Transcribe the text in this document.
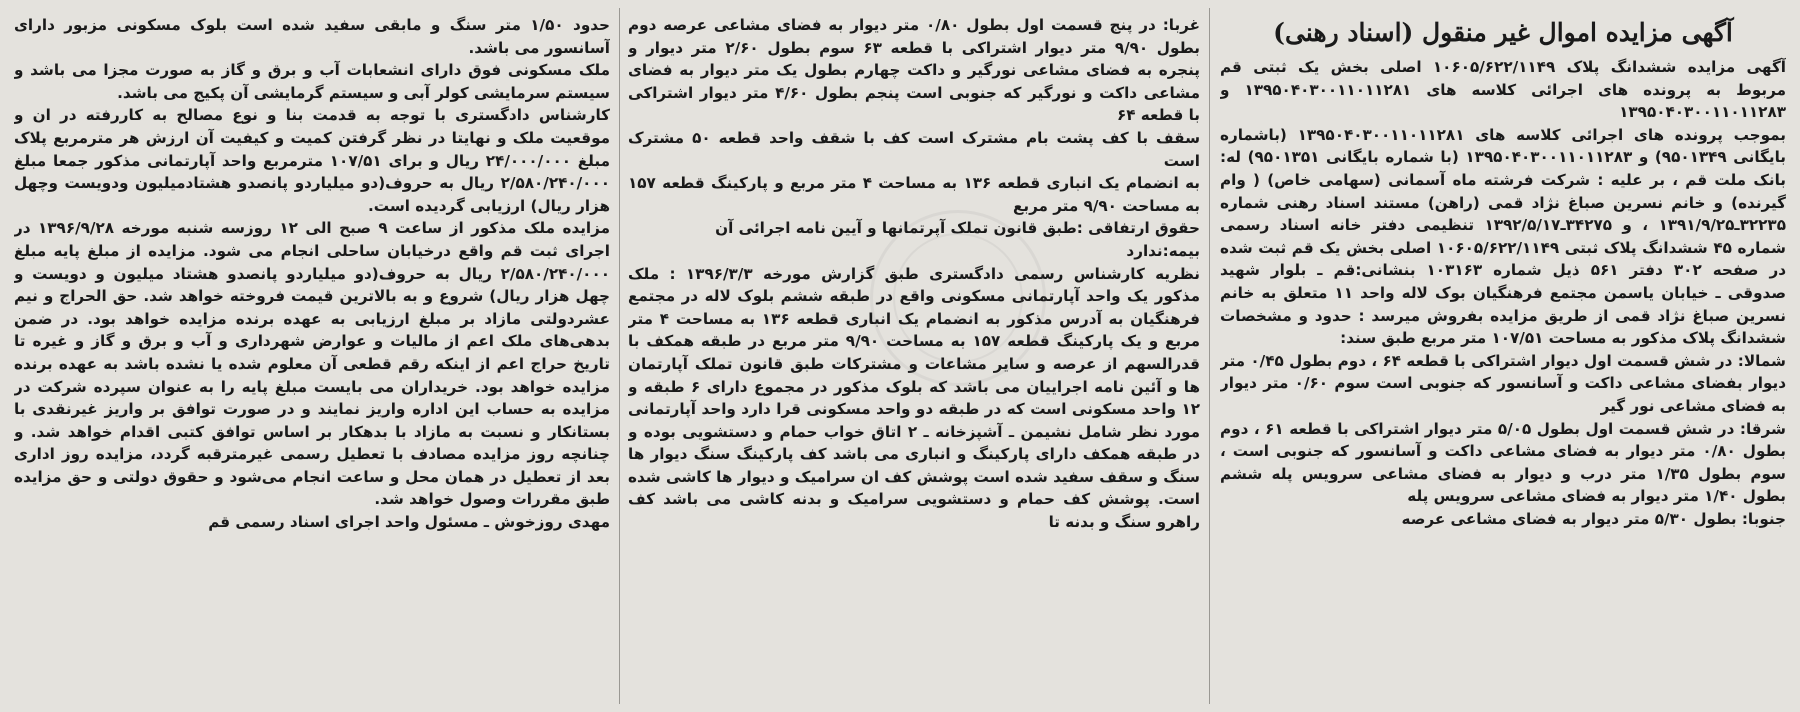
آگهی مزایده اموال غیر منقول (اسناد رهنی)

آگهی مزایده ششدانگ پلاک ۱۰۶۰۵/۶۲۲/۱۱۴۹ اصلی بخش یک ثبتی قم مربوط به پرونده های اجرائی کلاسه های ۱۳۹۵۰۴۰۳۰۰۱۱۰۱۱۲۸۱ و ۱۳۹۵۰۴۰۳۰۰۱۱۰۱۱۲۸۳

بموجب پرونده های اجرائی کلاسه های ۱۳۹۵۰۴۰۳۰۰۱۱۰۱۱۲۸۱ (باشماره بایگانی ۹۵۰۱۳۴۹) و ۱۳۹۵۰۴۰۳۰۰۱۱۰۱۱۲۸۳ (با شماره بایگانی ۹۵۰۱۳۵۱) له: بانک ملت قم ، بر علیه : شرکت فرشته ماه آسمانی (سهامی خاص) ( وام گیرنده) و خانم نسرین صباغ نژاد قمی (راهن) مستند اسناد رهنی شماره ۳۲۲۳۵ـ۱۳۹۱/۹/۲۵ ، و ۳۴۲۷۵ـ۱۳۹۲/۵/۱۷ تنظیمی دفتر خانه اسناد رسمی شماره ۴۵ ششدانگ پلاک ثبتی ۱۰۶۰۵/۶۲۲/۱۱۴۹ اصلی بخش یک قم ثبت شده در صفحه ۳۰۲ دفتر ۵۶۱ ذیل شماره ۱۰۳۱۶۳ بنشانی:قم ـ بلوار شهید صدوقی ـ خیابان یاسمن مجتمع فرهنگیان بوک لاله واحد ۱۱ متعلق به خانم نسرین صباغ نژاد قمی از طریق مزایده بفروش میرسد : حدود و مشخصات ششدانگ پلاک مذکور به مساحت ۱۰۷/۵۱ متر مربع طبق سند:

شمالا: در شش قسمت اول دیوار اشتراکی با قطعه ۶۴ ، دوم بطول ۰/۴۵ متر دیوار بفضای مشاعی داکت و آسانسور که جنوبی است سوم ۰/۶۰ متر دیوار به فضای مشاعی نور گیر

شرقا: در شش قسمت اول بطول ۵/۰۵ متر دیوار اشتراکی با قطعه ۶۱ ، دوم بطول ۰/۸۰ متر دیوار به فضای مشاعی داکت و آسانسور که جنوبی است ، سوم بطول ۱/۳۵ متر درب و دیوار به فضای مشاعی سرویس پله ششم بطول ۱/۴۰ متر دیوار به فضای مشاعی سرویس پله

جنوبا: بطول ۵/۳۰ متر دیوار به فضای مشاعی عرصه

غربا: در پنج قسمت اول بطول ۰/۸۰ متر دیوار به فضای مشاعی عرصه دوم بطول ۹/۹۰ متر دیوار اشتراکی با قطعه ۶۳ سوم بطول ۲/۶۰ متر دیوار و پنجره به فضای مشاعی نورگیر و داکت چهارم بطول یک متر دیوار به فضای مشاعی داکت و نورگیر که جنوبی است پنجم بطول ۴/۶۰ متر دیوار اشتراکی با قطعه ۶۴

سقف با کف پشت بام مشترک است کف با شقف واحد قطعه ۵۰ مشترک است

به انضمام یک انباری قطعه ۱۳۶ به مساحت ۴ متر مربع و پارکینگ قطعه ۱۵۷ به مساحت ۹/۹۰ متر مربع

حقوق ارتفاقی :طبق قانون تملک آپرتمانها و آیین نامه اجرائی آن

بیمه:ندارد

نظریه کارشناس رسمی دادگستری طبق گزارش مورخه ۱۳۹۶/۳/۳ : ملک مذکور یک واحد آپارتمانی مسکونی واقع در طبقه ششم بلوک لاله در مجتمع فرهنگیان به آدرس مذکور به انضمام یک انباری قطعه ۱۳۶ به مساحت ۴ متر مربع و یک پارکینگ قطعه ۱۵۷ به مساحت ۹/۹۰ متر مربع در طبقه همکف با قدرالسهم از عرصه و سایر مشاعات و مشترکات طبق قانون تملک آپارتمان ها و آئین نامه اجراییان می باشد که بلوک مذکور در مجموع دارای ۶ طبقه و ۱۲ واحد مسکونی است که در طبقه دو واحد مسکونی قرا دارد واحد آپارتمانی مورد نظر شامل نشیمن ـ آشپزخانه ـ ۲ اتاق خواب حمام و دستشویی بوده و در طبقه همکف دارای پارکینگ و انباری می باشد کف پارکینگ سنگ دیوار ها سنگ و سقف سفید شده است پوشش کف ان سرامیک و دیوار ها کاشی شده است. پوشش کف حمام و دستشویی سرامیک و بدنه کاشی می باشد کف راهرو سنگ و بدنه تا

حدود ۱/۵۰ متر سنگ و مابقی سفید شده است بلوک مسکونی مزبور دارای آسانسور می باشد.

ملک مسکونی فوق دارای انشعابات آب و برق و گاز به صورت مجزا می باشد و سیستم سرمایشی کولر آبی و سیستم گرمایشی آن پکیج می باشد.

کارشناس دادگستری با توجه به قدمت بنا و نوع مصالح به کاررفته در ان و موقعیت ملک و نهایتا در نظر گرفتن کمیت و کیفیت آن ارزش هر مترمربع پلاک مبلغ ۲۴/۰۰۰/۰۰۰ ریال و برای ۱۰۷/۵۱ مترمربع واحد آپارتمانی مذکور جمعا مبلغ ۲/۵۸۰/۲۴۰/۰۰۰ ریال به حروف(دو میلیاردو پانصدو هشتادمیلیون ودویست وچهل هزار ریال) ارزیابی گردیده است.

مزایده ملک مذکور از ساعت ۹ صبح الی ۱۲ روزسه شنبه مورخه ۱۳۹۶/۹/۲۸ در اجرای ثبت قم واقع درخیابان ساحلی انجام می شود. مزایده از مبلغ پایه مبلغ ۲/۵۸۰/۲۴۰/۰۰۰ ریال به حروف(دو میلیاردو پانصدو هشتاد میلیون و دویست و چهل هزار ریال) شروع و به بالاترین قیمت فروخته خواهد شد. حق الحراج و نیم عشردولتی مازاد بر مبلغ ارزیابی به عهده برنده مزایده خواهد بود. در ضمن بدهی‌های ملک اعم از مالیات و عوارض شهرداری و آب و برق و گاز و غیره تا تاریخ حراج اعم از اینکه رقم قطعی آن معلوم شده یا نشده باشد به عهده برنده مزایده خواهد بود. خریداران می بایست مبلغ پایه را به عنوان سپرده شرکت در مزایده به حساب این اداره واریز نمایند و در صورت توافق بر واریز غیرنقدی با بستانکار و نسبت به مازاد با بدهکار بر اساس توافق کتبی اقدام خواهد شد. و چنانچه روز مزایده مصادف با تعطیل رسمی غیرمترقبه گردد، مزایده روز اداری بعد از تعطیل در همان محل و ساعت انجام می‌شود و حقوق دولتی و حق مزایده طبق مقررات وصول خواهد شد.

مهدی روزخوش ـ مسئول واحد اجرای اسناد رسمی قم
